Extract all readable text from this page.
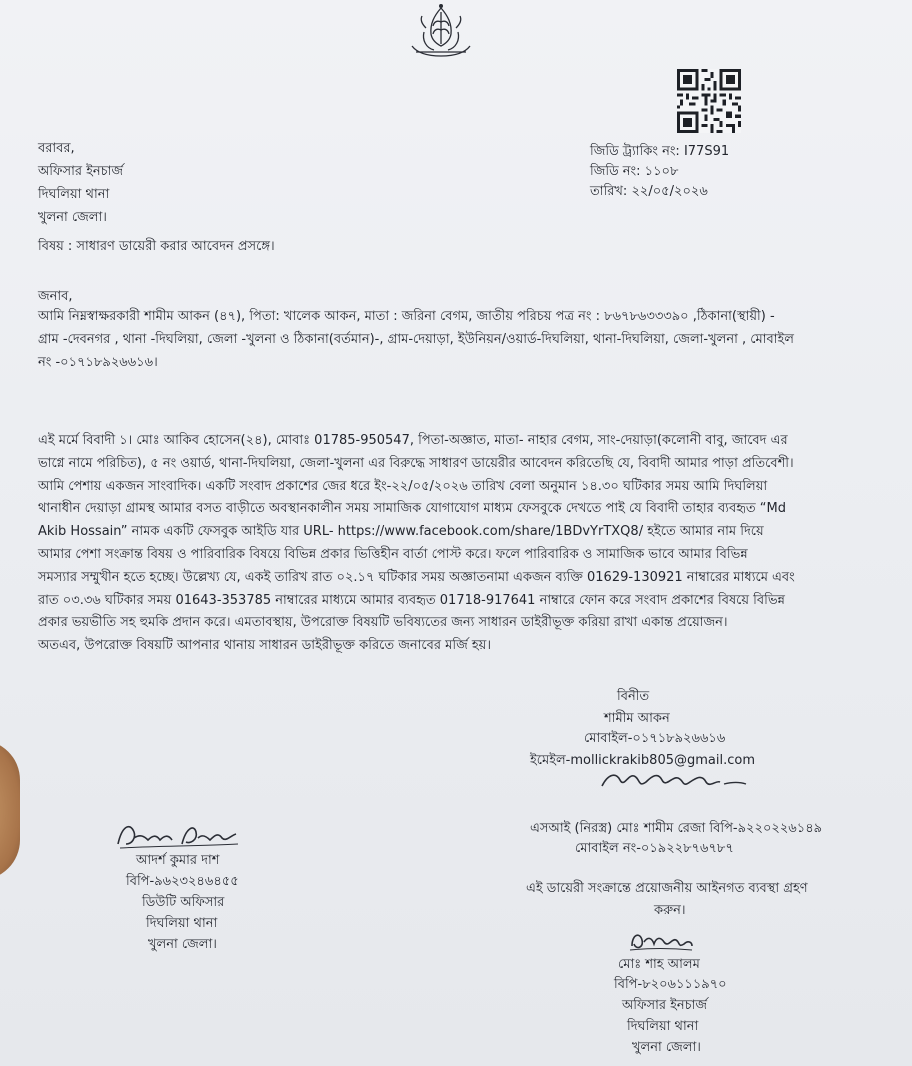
বরাবর,
অফিসার ইনচার্জ
দিঘলিয়া থানা
খুলনা জেলা।
জিডি ট্র্যাকিং নং: I77S91
জিডি নং: ১১০৮
তারিখ: ২২/০৫/২০২৬
বিষয় : সাধারণ ডায়েরী করার আবেদন প্রসঙ্গে।
জনাব,
আমি নিম্নস্বাক্ষরকারী শামীম আকন (৪৭), পিতা: খালেক আকন, মাতা : জরিনা বেগম, জাতীয় পরিচয় পত্র নং : ৮৬৭৮৬৩৩৩৯০ ,ঠিকানা(স্থায়ী) -
গ্রাম -দেবনগর , থানা -দিঘলিয়া, জেলা -খুলনা ও ঠিকানা(বর্তমান)-, গ্রাম-দেয়াড়া, ইউনিয়ন/ওয়ার্ড-দিঘলিয়া, থানা-দিঘলিয়া, জেলা-খুলনা , মোবাইল
নং -০১৭১৮৯২৬৬১৬।
এই মর্মে বিবাদী ১। মোঃ আকিব হোসেন(২৪), মোবাঃ 01785-950547, পিতা-অজ্ঞাত, মাতা- নাহার বেগম, সাং-দেয়াড়া(কলোনী বাবু, জাবেদ এর
ভাগ্নে নামে পরিচিত), ৫ নং ওয়ার্ড, থানা-দিঘলিয়া, জেলা-খুলনা এর বিরুদ্ধে সাধারণ ডায়েরীর আবেদন করিতেছি যে, বিবাদী আমার পাড়া প্রতিবেশী।
আমি পেশায় একজন সাংবাদিক। একটি সংবাদ প্রকাশের জের ধরে ইং-২২/০৫/২০২৬ তারিখ বেলা অনুমান ১৪.৩০ ঘটিকার সময় আমি দিঘলিয়া
থানাধীন দেয়াড়া গ্রামস্থ আমার বসত বাড়ীতে অবস্থানকালীন সময় সামাজিক যোগাযোগ মাধ্যম ফেসবুকে দেখতে পাই যে বিবাদী তাহার ব্যবহৃত “Md
Akib Hossain” নামক একটি ফেসবুক আইডি যার URL- https://www.facebook.com/share/1BDvYrTXQ8/ হইতে আমার নাম দিয়ে
আমার পেশা সংক্রান্ত বিষয় ও পারিবারিক বিষয়ে বিভিন্ন প্রকার ভিত্তিহীন বার্তা পোস্ট করে। ফলে পারিবারিক ও সামাজিক ভাবে আমার বিভিন্ন
সমস্যার সম্মুখীন হতে হচ্ছে। উল্লেখ্য যে, একই তারিখ রাত ০২.১৭ ঘটিকার সময় অজ্ঞাতনামা একজন ব্যক্তি 01629-130921 নাম্বারের মাধ্যমে এবং
রাত ০৩.৩৬ ঘটিকার সময় 01643-353785 নাম্বারের মাধ্যমে আমার ব্যবহৃত 01718-917641 নাম্বারে ফোন করে সংবাদ প্রকাশের বিষয়ে বিভিন্ন
প্রকার ভয়ভীতি সহ হুমকি প্রদান করে। এমতাবস্থায়, উপরোক্ত বিষয়টি ভবিষ্যতের জন্য সাধারন ডাইরীভূক্ত করিয়া রাখা একান্ত প্রয়োজন।
অতএব, উপরোক্ত বিষয়টি আপনার থানায় সাধারন ডাইরীভূক্ত করিতে জনাবের মর্জি হয়।
বিনীত
শামীম আকন
মোবাইল-০১৭১৮৯২৬৬১৬
ইমেইল-mollickrakib805@gmail.com
এসআই (নিরস্ত্র) মোঃ শামীম রেজা বিপি-৯২২০২২৬১৪৯
মোবাইল নং-০১৯২২৮৭৬৭৮৭
আদর্শ কুমার দাশ
বিপি-৯৬২৩২৪৬৪৫৫
ডিউটি অফিসার
দিঘলিয়া থানা
খুলনা জেলা।
এই ডায়েরী সংক্রান্তে প্রয়োজনীয় আইনগত ব্যবস্থা গ্রহণ
করুন।
মোঃ শাহ আলম
বিপি-৮২০৬১১১৯৭০
অফিসার ইনচার্জ
দিঘলিয়া থানা
খুলনা জেলা।
